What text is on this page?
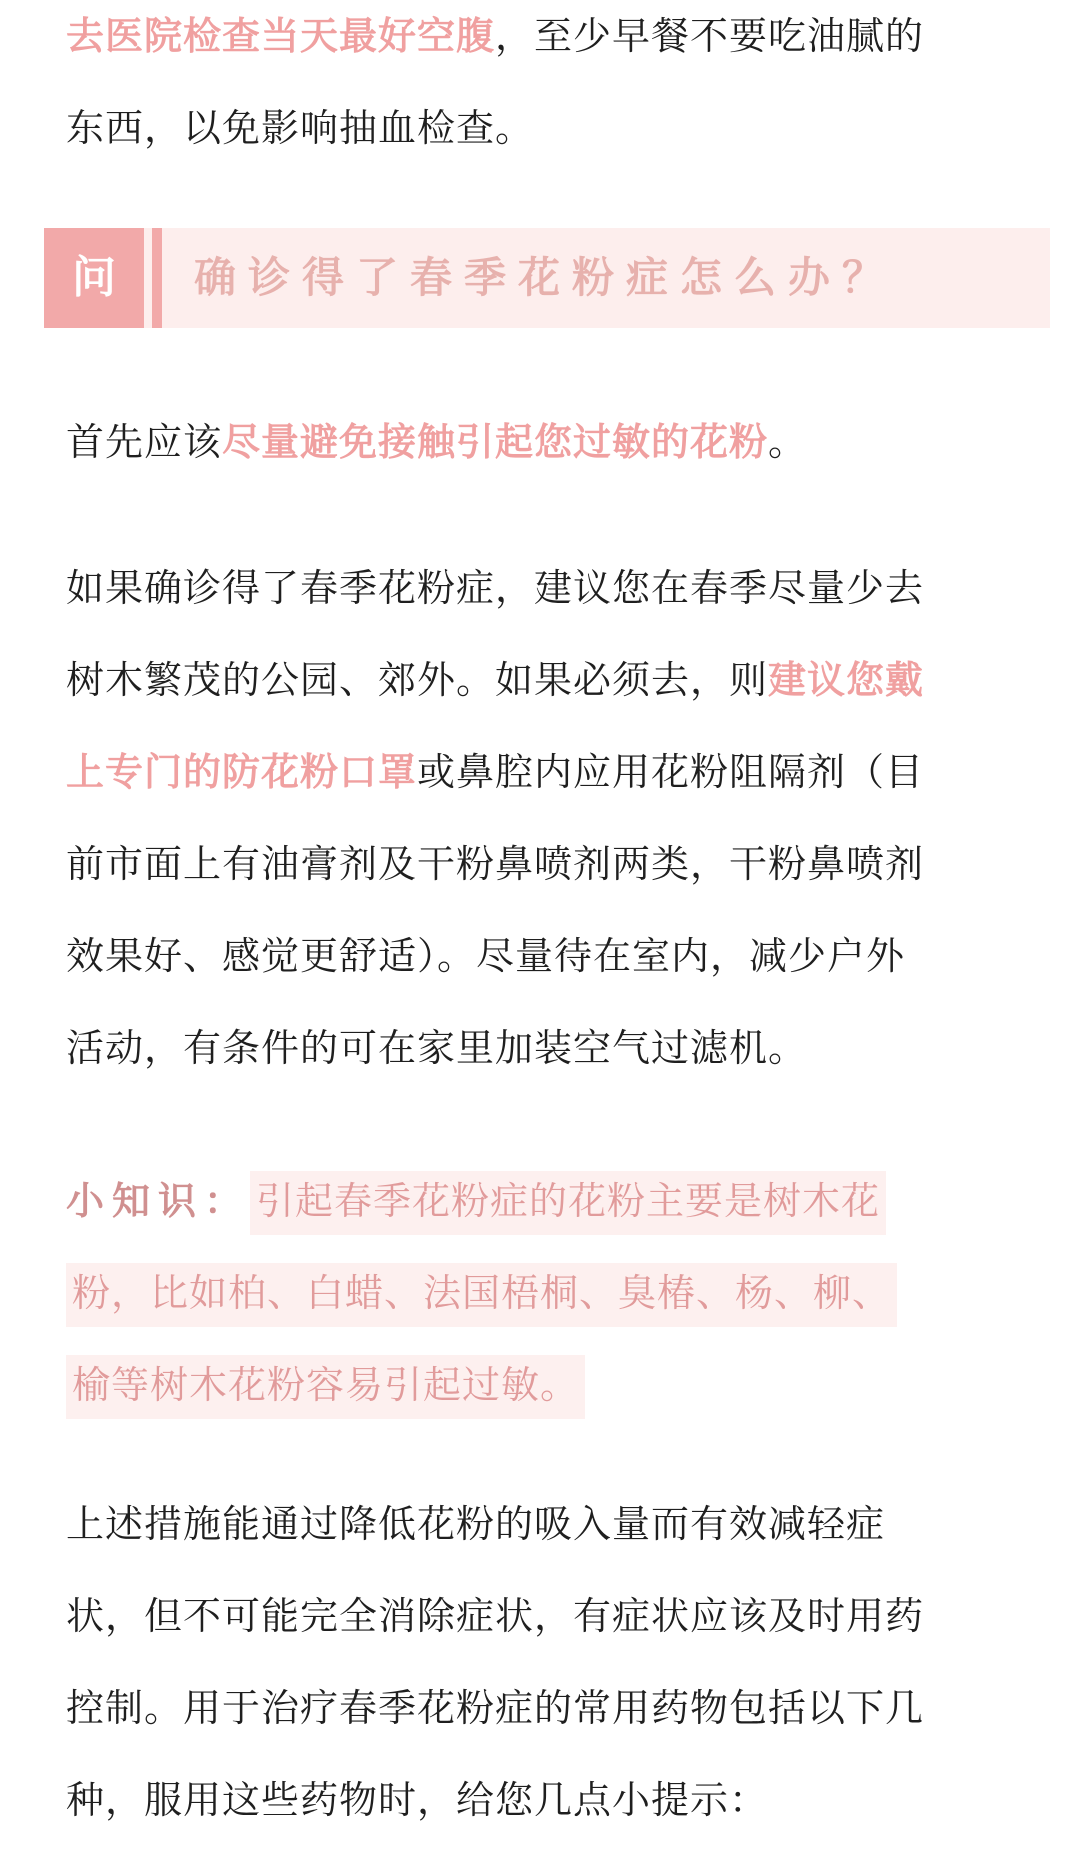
去医院检查当天最好空腹，至少早餐不要吃油腻的
东西，以免影响抽血检查。

问	确诊得了春季花粉症怎么办？

首先应该尽量避免接触引起您过敏的花粉。

如果确诊得了春季花粉症，建议您在春季尽量少去
树木繁茂的公园、郊外。如果必须去，则建议您戴
上专门的防花粉口罩或鼻腔内应用花粉阻隔剂（目
前市面上有油膏剂及干粉鼻喷剂两类，干粉鼻喷剂
效果好、感觉更舒适）。尽量待在室内，减少户外
活动，有条件的可在家里加装空气过滤机。

小知识： 引起春季花粉症的花粉主要是树木花
粉，比如柏、白蜡、法国梧桐、臭椿、杨、柳、
榆等树木花粉容易引起过敏。

上述措施能通过降低花粉的吸入量而有效减轻症
状，但不可能完全消除症状，有症状应该及时用药
控制。用于治疗春季花粉症的常用药物包括以下几
种，服用这些药物时，给您几点小提示：
